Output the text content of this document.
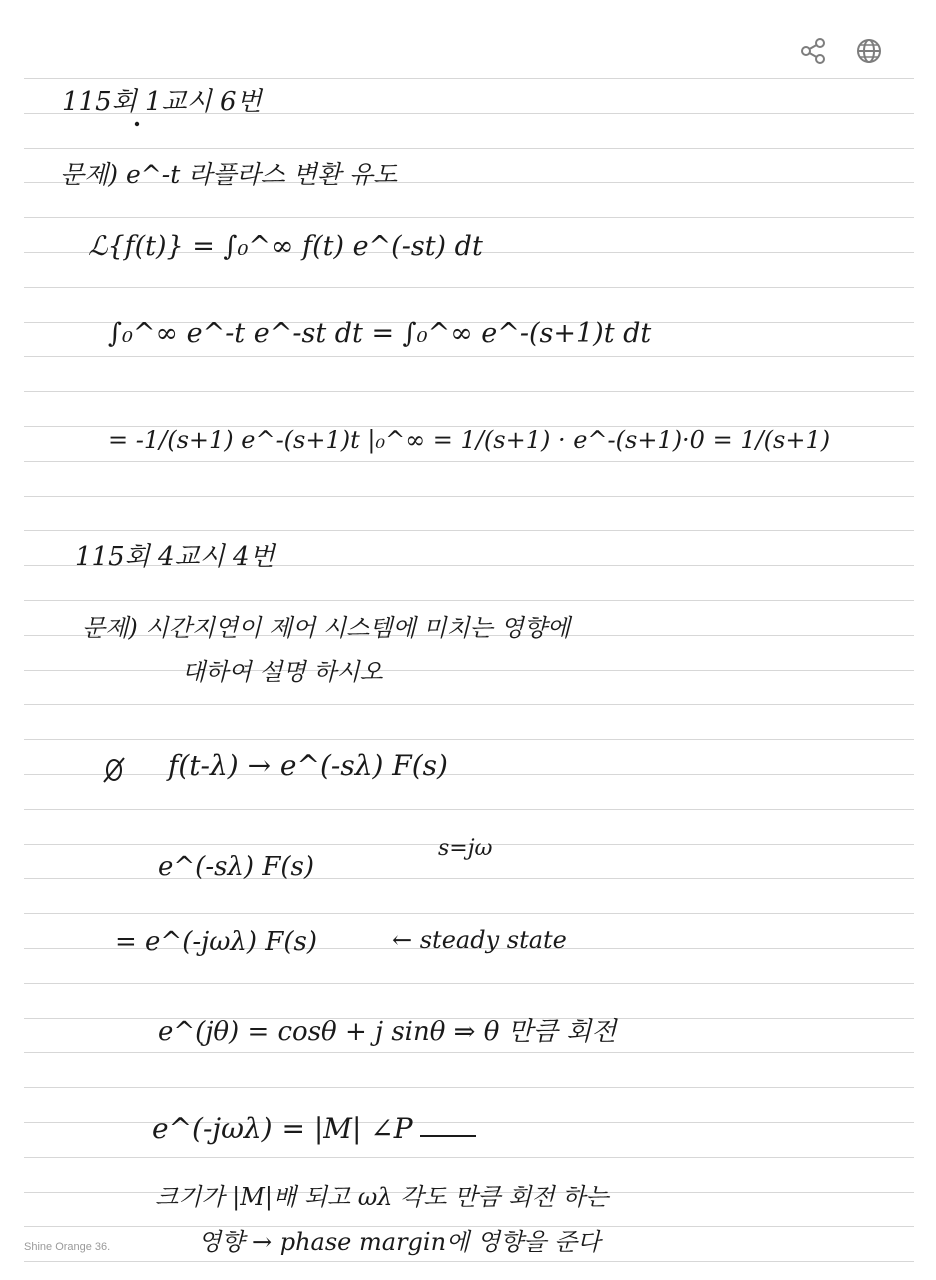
115회 1교시 6번
문제) e^-t 라플라스 변환 유도
ℒ{f(t)} = ∫₀^∞ f(t) e^(-st) dt
∫₀^∞ e^-t e^-st dt = ∫₀^∞ e^-(s+1)t dt
= -1/(s+1) e^-(s+1)t |₀^∞ = 1/(s+1) · e^-(s+1)·0 = 1/(s+1)
115회 4교시 4번
문제) 시간지연이 제어 시스템에 미치는 영향에
대하여 설명 하시오
f(t-λ) → e^(-sλ) F(s)
e^(-sλ) F(s)
s=jω
= e^(-jωλ) F(s)	← steady state
e^(jθ) = cosθ + j sinθ ⇒ θ 만큼 회전
e^(-jωλ) = |M| ∠P
크기가 |M|배 되고 ωλ 각도 만큼 회전 하는
영향 → phase margin에 영향을 준다
Shine Orange 36.
